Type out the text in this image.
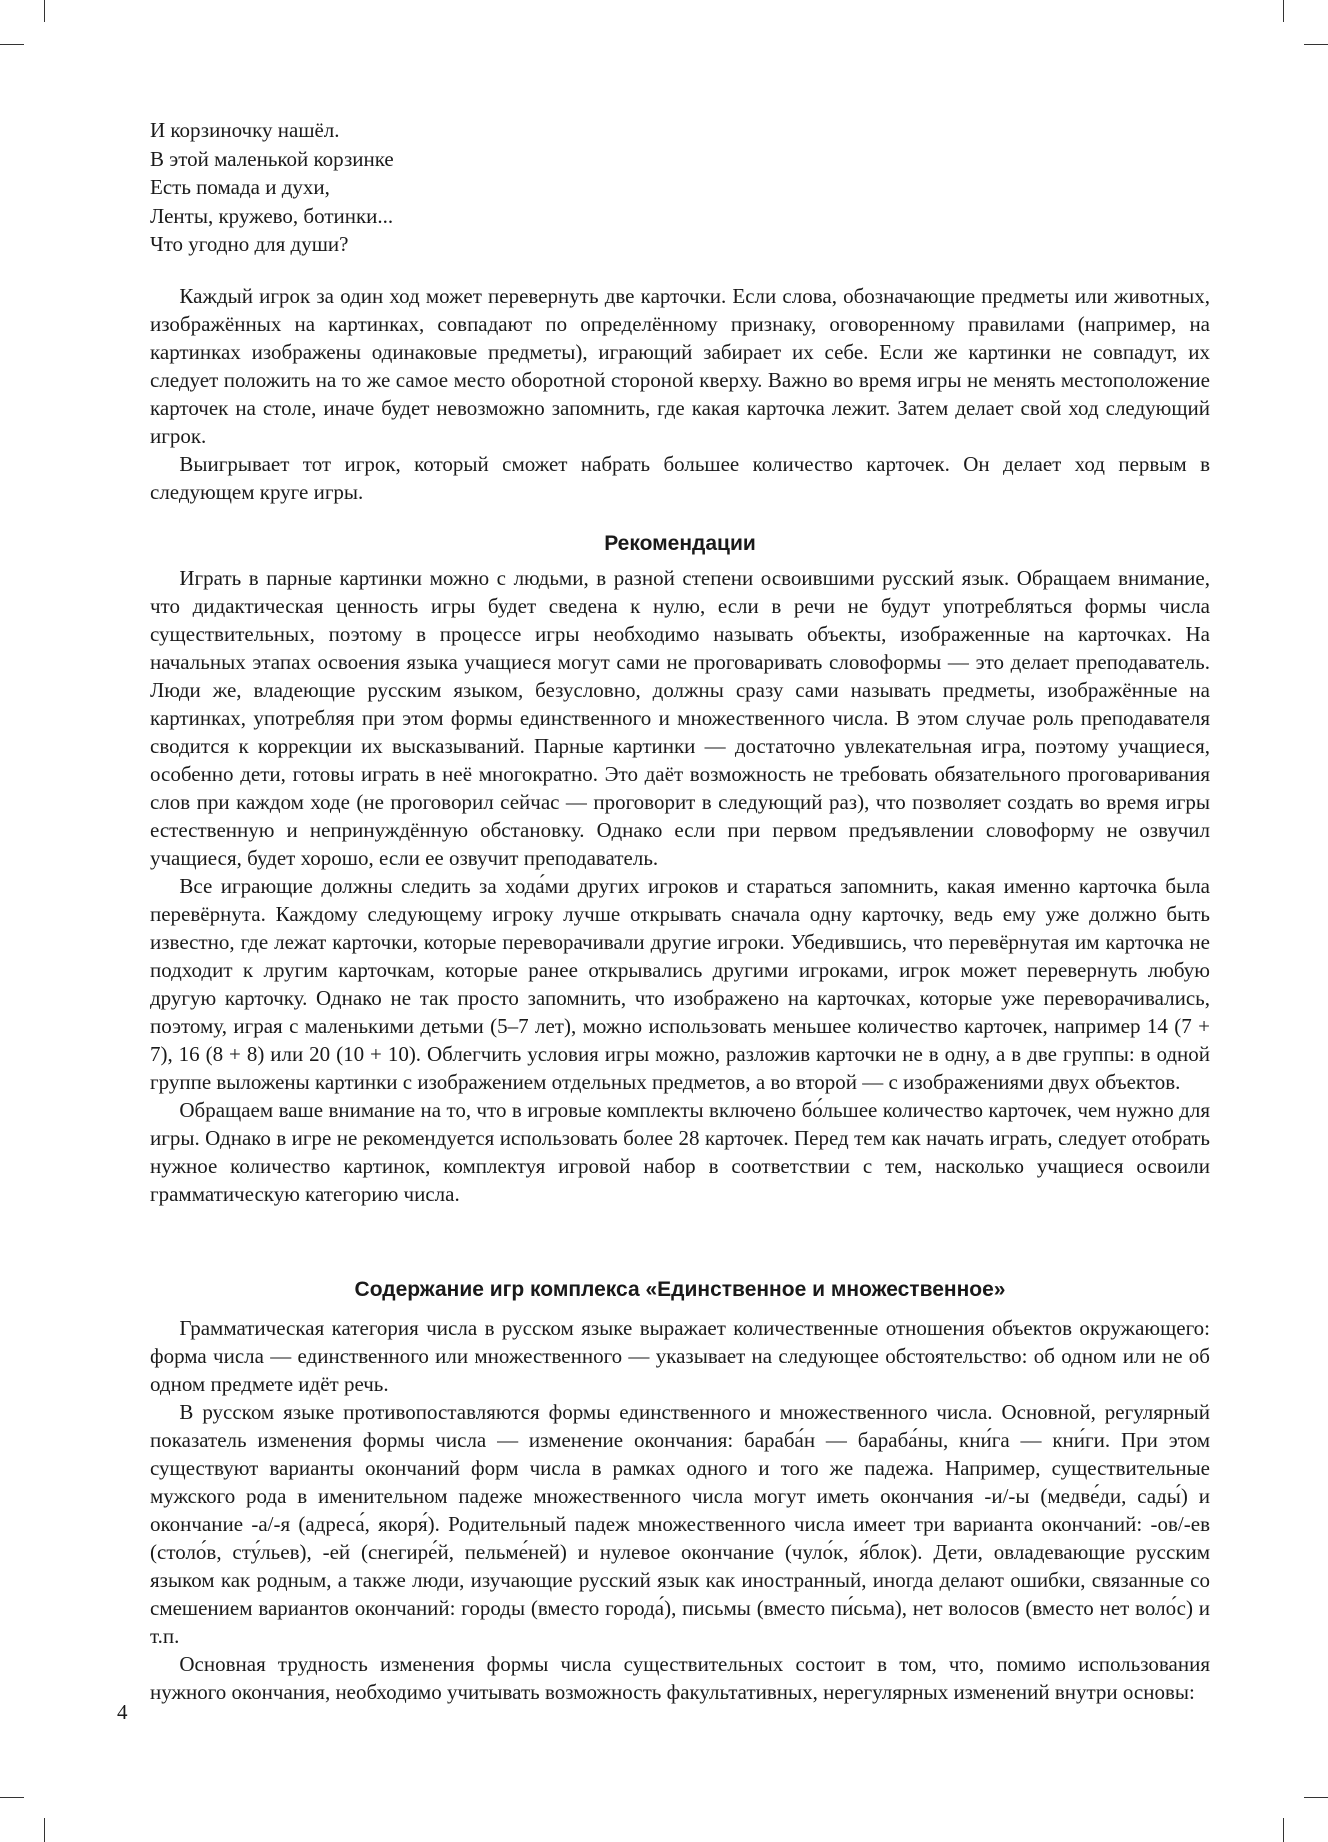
И корзиночку нашёл.
В этой маленькой корзинке
Есть помада и духи,
Ленты, кружево, ботинки...
Что угодно для души?

Каждый игрок за один ход может перевернуть две карточки. Если слова, обозначающие предметы или животных, изображённых на картинках, совпадают по определённому признаку, оговоренному правилами (например, на картинках изображены одинаковые предметы), играющий забирает их себе. Если же картинки не совпадут, их следует положить на то же самое место оборотной стороной кверху. Важно во время игры не менять местоположение карточек на столе, иначе будет невозможно запомнить, где какая карточка лежит. Затем делает свой ход следующий игрок.

Выигрывает тот игрок, который сможет набрать большее количество карточек. Он делает ход первым в следующем круге игры.

Рекомендации

Играть в парные картинки можно с людьми, в разной степени освоившими русский язык. Обращаем внимание, что дидактическая ценность игры будет сведена к нулю, если в речи не будут употребляться формы числа существительных, поэтому в процессе игры необходимо называть объекты, изображенные на карточках. На начальных этапах освоения языка учащиеся могут сами не проговаривать словоформы — это делает преподаватель. Люди же, владеющие русским языком, безусловно, должны сразу сами называть предметы, изображённые на картинках, употребляя при этом формы единственного и множественного числа. В этом случае роль преподавателя сводится к коррекции их высказываний. Парные картинки — достаточно увлекательная игра, поэтому учащиеся, особенно дети, готовы играть в неё многократно. Это даёт возможность не требовать обязательного проговаривания слов при каждом ходе (не проговорил сейчас — проговорит в следующий раз), что позволяет создать во время игры естественную и непринуждённую обстановку. Однако если при первом предъявлении словоформу не озвучил учащиеся, будет хорошо, если ее озвучит преподаватель.

Все играющие должны следить за хода́ми других игроков и стараться запомнить, какая именно карточка была перевёрнута. Каждому следующему игроку лучше открывать сначала одну карточку, ведь ему уже должно быть известно, где лежат карточки, которые переворачивали другие игроки. Убедившись, что перевёрнутая им карточка не подходит к лругим карточкам, которые ранее открывались другими игроками, игрок может перевернуть любую другую карточку. Однако не так просто запомнить, что изображено на карточках, которые уже переворачивались, поэтому, играя с маленькими детьми (5–7 лет), можно использовать меньшее количество карточек, например 14 (7 + 7), 16 (8 + 8) или 20 (10 + 10). Облегчить условия игры можно, разложив карточки не в одну, а в две группы: в одной группе выложены картинки с изображением отдельных предметов, а во второй — с изображениями двух объектов.

Обращаем ваше внимание на то, что в игровые комплекты включено бо́льшее количество карточек, чем нужно для игры. Однако в игре не рекомендуется использовать более 28 карточек. Перед тем как начать играть, следует отобрать нужное количество картинок, комплектуя игровой набор в соответствии с тем, насколько учащиеся освоили грамматическую категорию числа.

Содержание игр комплекса «Единственное и множественное»

Грамматическая категория числа в русском языке выражает количественные отношения объектов окружающего: форма числа — единственного или множественного — указывает на следующее обстоятельство: об одном или не об одном предмете идёт речь.

В русском языке противопоставляются формы единственного и множественного числа. Основной, регулярный показатель изменения формы числа — изменение окончания: бараба́н — бараба́ны, кни́га — кни́ги. При этом существуют варианты окончаний форм числа в рамках одного и того же падежа. Например, существительные мужского рода в именительном падеже множественного числа могут иметь окончания -и/-ы (медве́ди, сады́) и окончание -а/-я (адреса́, якоря́). Родительный падеж множественного числа имеет три варианта окончаний: -ов/-ев (столо́в, сту́льев), -ей (снегире́й, пельме́ней) и нулевое окончание (чуло́к, я́блок). Дети, овладевающие русским языком как родным, а также люди, изучающие русский язык как иностранный, иногда делают ошибки, связанные со смешением вариантов окончаний: городы (вместо города́), письмы (вместо пи́сьма), нет волосов (вместо нет воло́с) и т.п.

Основная трудность изменения формы числа существительных состоит в том, что, помимо использования нужного окончания, необходимо учитывать возможность факультативных, нерегулярных изменений внутри основы:

4
